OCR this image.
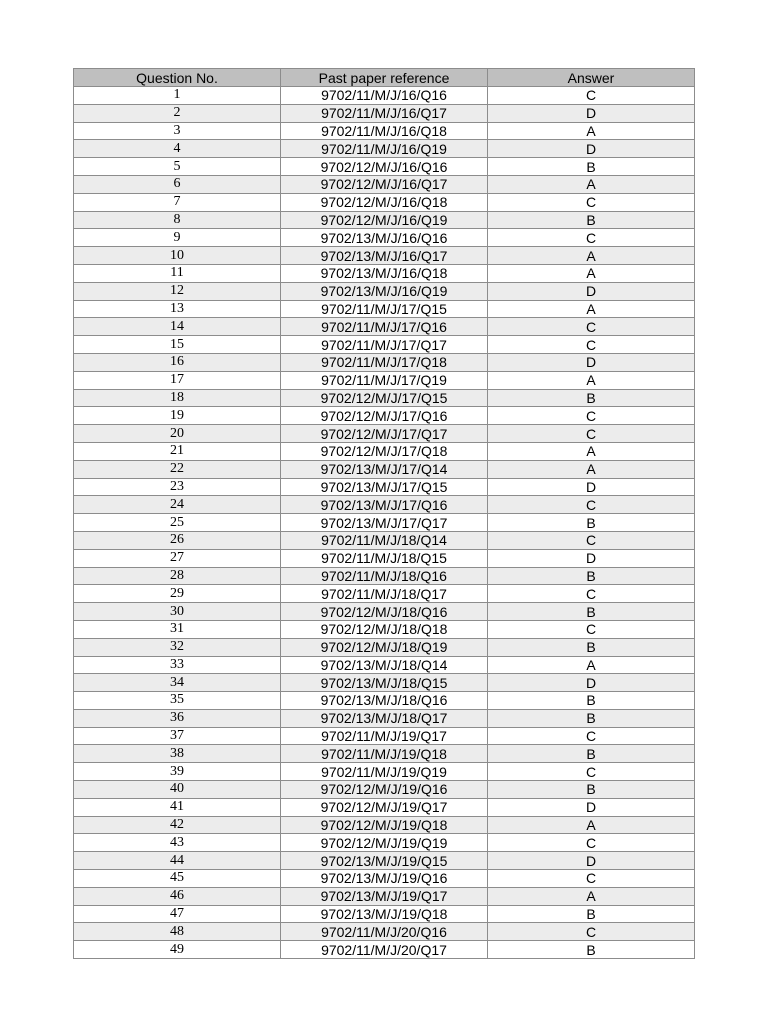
Question No.	Past paper reference	Answer
1	9702/11/M/J/16/Q16	C
2	9702/11/M/J/16/Q17	D
3	9702/11/M/J/16/Q18	A
4	9702/11/M/J/16/Q19	D
5	9702/12/M/J/16/Q16	B
6	9702/12/M/J/16/Q17	A
7	9702/12/M/J/16/Q18	C
8	9702/12/M/J/16/Q19	B
9	9702/13/M/J/16/Q16	C
10	9702/13/M/J/16/Q17	A
11	9702/13/M/J/16/Q18	A
12	9702/13/M/J/16/Q19	D
13	9702/11/M/J/17/Q15	A
14	9702/11/M/J/17/Q16	C
15	9702/11/M/J/17/Q17	C
16	9702/11/M/J/17/Q18	D
17	9702/11/M/J/17/Q19	A
18	9702/12/M/J/17/Q15	B
19	9702/12/M/J/17/Q16	C
20	9702/12/M/J/17/Q17	C
21	9702/12/M/J/17/Q18	A
22	9702/13/M/J/17/Q14	A
23	9702/13/M/J/17/Q15	D
24	9702/13/M/J/17/Q16	C
25	9702/13/M/J/17/Q17	B
26	9702/11/M/J/18/Q14	C
27	9702/11/M/J/18/Q15	D
28	9702/11/M/J/18/Q16	B
29	9702/11/M/J/18/Q17	C
30	9702/12/M/J/18/Q16	B
31	9702/12/M/J/18/Q18	C
32	9702/12/M/J/18/Q19	B
33	9702/13/M/J/18/Q14	A
34	9702/13/M/J/18/Q15	D
35	9702/13/M/J/18/Q16	B
36	9702/13/M/J/18/Q17	B
37	9702/11/M/J/19/Q17	C
38	9702/11/M/J/19/Q18	B
39	9702/11/M/J/19/Q19	C
40	9702/12/M/J/19/Q16	B
41	9702/12/M/J/19/Q17	D
42	9702/12/M/J/19/Q18	A
43	9702/12/M/J/19/Q19	C
44	9702/13/M/J/19/Q15	D
45	9702/13/M/J/19/Q16	C
46	9702/13/M/J/19/Q17	A
47	9702/13/M/J/19/Q18	B
48	9702/11/M/J/20/Q16	C
49	9702/11/M/J/20/Q17	B
